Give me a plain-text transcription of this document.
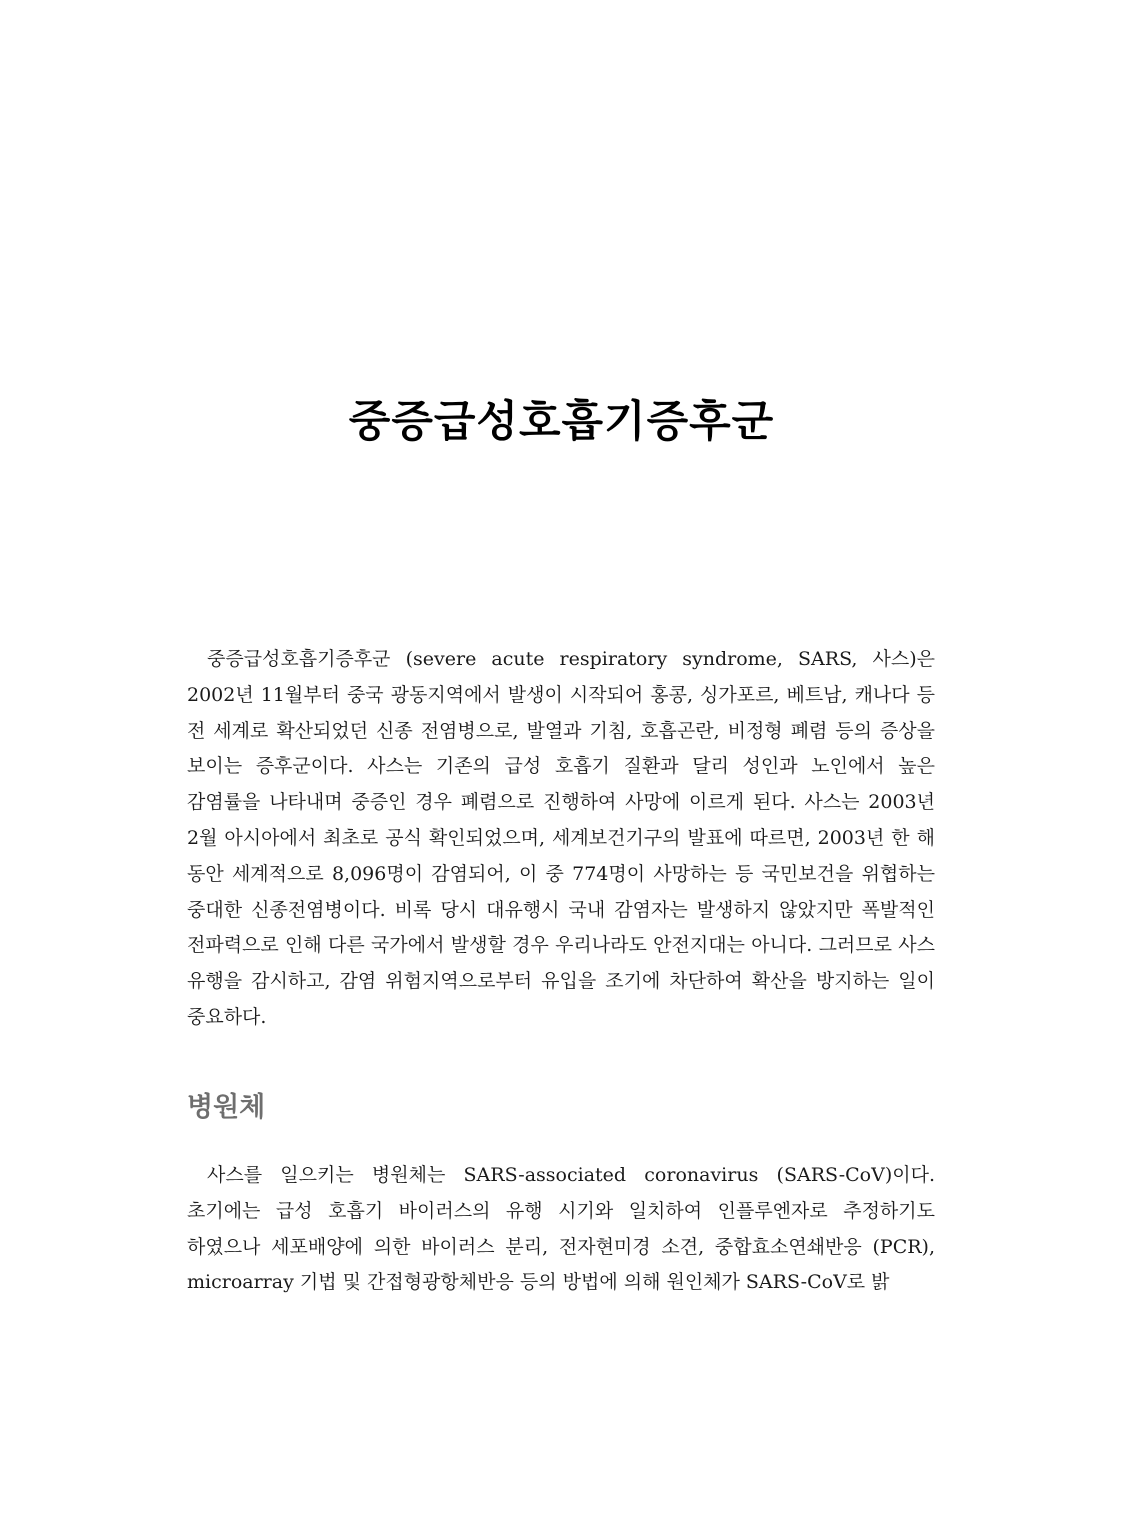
중증급성호흡기증후군

중증급성호흡기증후군 (severe acute respiratory syndrome, SARS, 사스)은 2002년 11월부터 중국 광동지역에서 발생이 시작되어 홍콩, 싱가포르, 베트남, 캐나다 등 전 세계로 확산되었던 신종 전염병으로, 발열과 기침, 호흡곤란, 비정형 폐렴 등의 증상을 보이는 증후군이다. 사스는 기존의 급성 호흡기 질환과 달리 성인과 노인에서 높은 감염률을 나타내며 중증인 경우 폐렴으로 진행하여 사망에 이르게 된다. 사스는 2003년 2월 아시아에서 최초로 공식 확인되었으며, 세계보건기구의 발표에 따르면, 2003년 한 해 동안 세계적으로 8,096명이 감염되어, 이 중 774명이 사망하는 등 국민보건을 위협하는 중대한 신종전염병이다. 비록 당시 대유행시 국내 감염자는 발생하지 않았지만 폭발적인 전파력으로 인해 다른 국가에서 발생할 경우 우리나라도 안전지대는 아니다. 그러므로 사스 유행을 감시하고, 감염 위험지역으로부터 유입을 조기에 차단하여 확산을 방지하는 일이 중요하다.

병원체

사스를 일으키는 병원체는 SARS-associated coronavirus (SARS-CoV)이다. 초기에는 급성 호흡기 바이러스의 유행 시기와 일치하여 인플루엔자로 추정하기도 하였으나 세포배양에 의한 바이러스 분리, 전자현미경 소견, 중합효소연쇄반응 (PCR), microarray 기법 및 간접형광항체반응 등의 방법에 의해 원인체가 SARS-CoV로 밝
